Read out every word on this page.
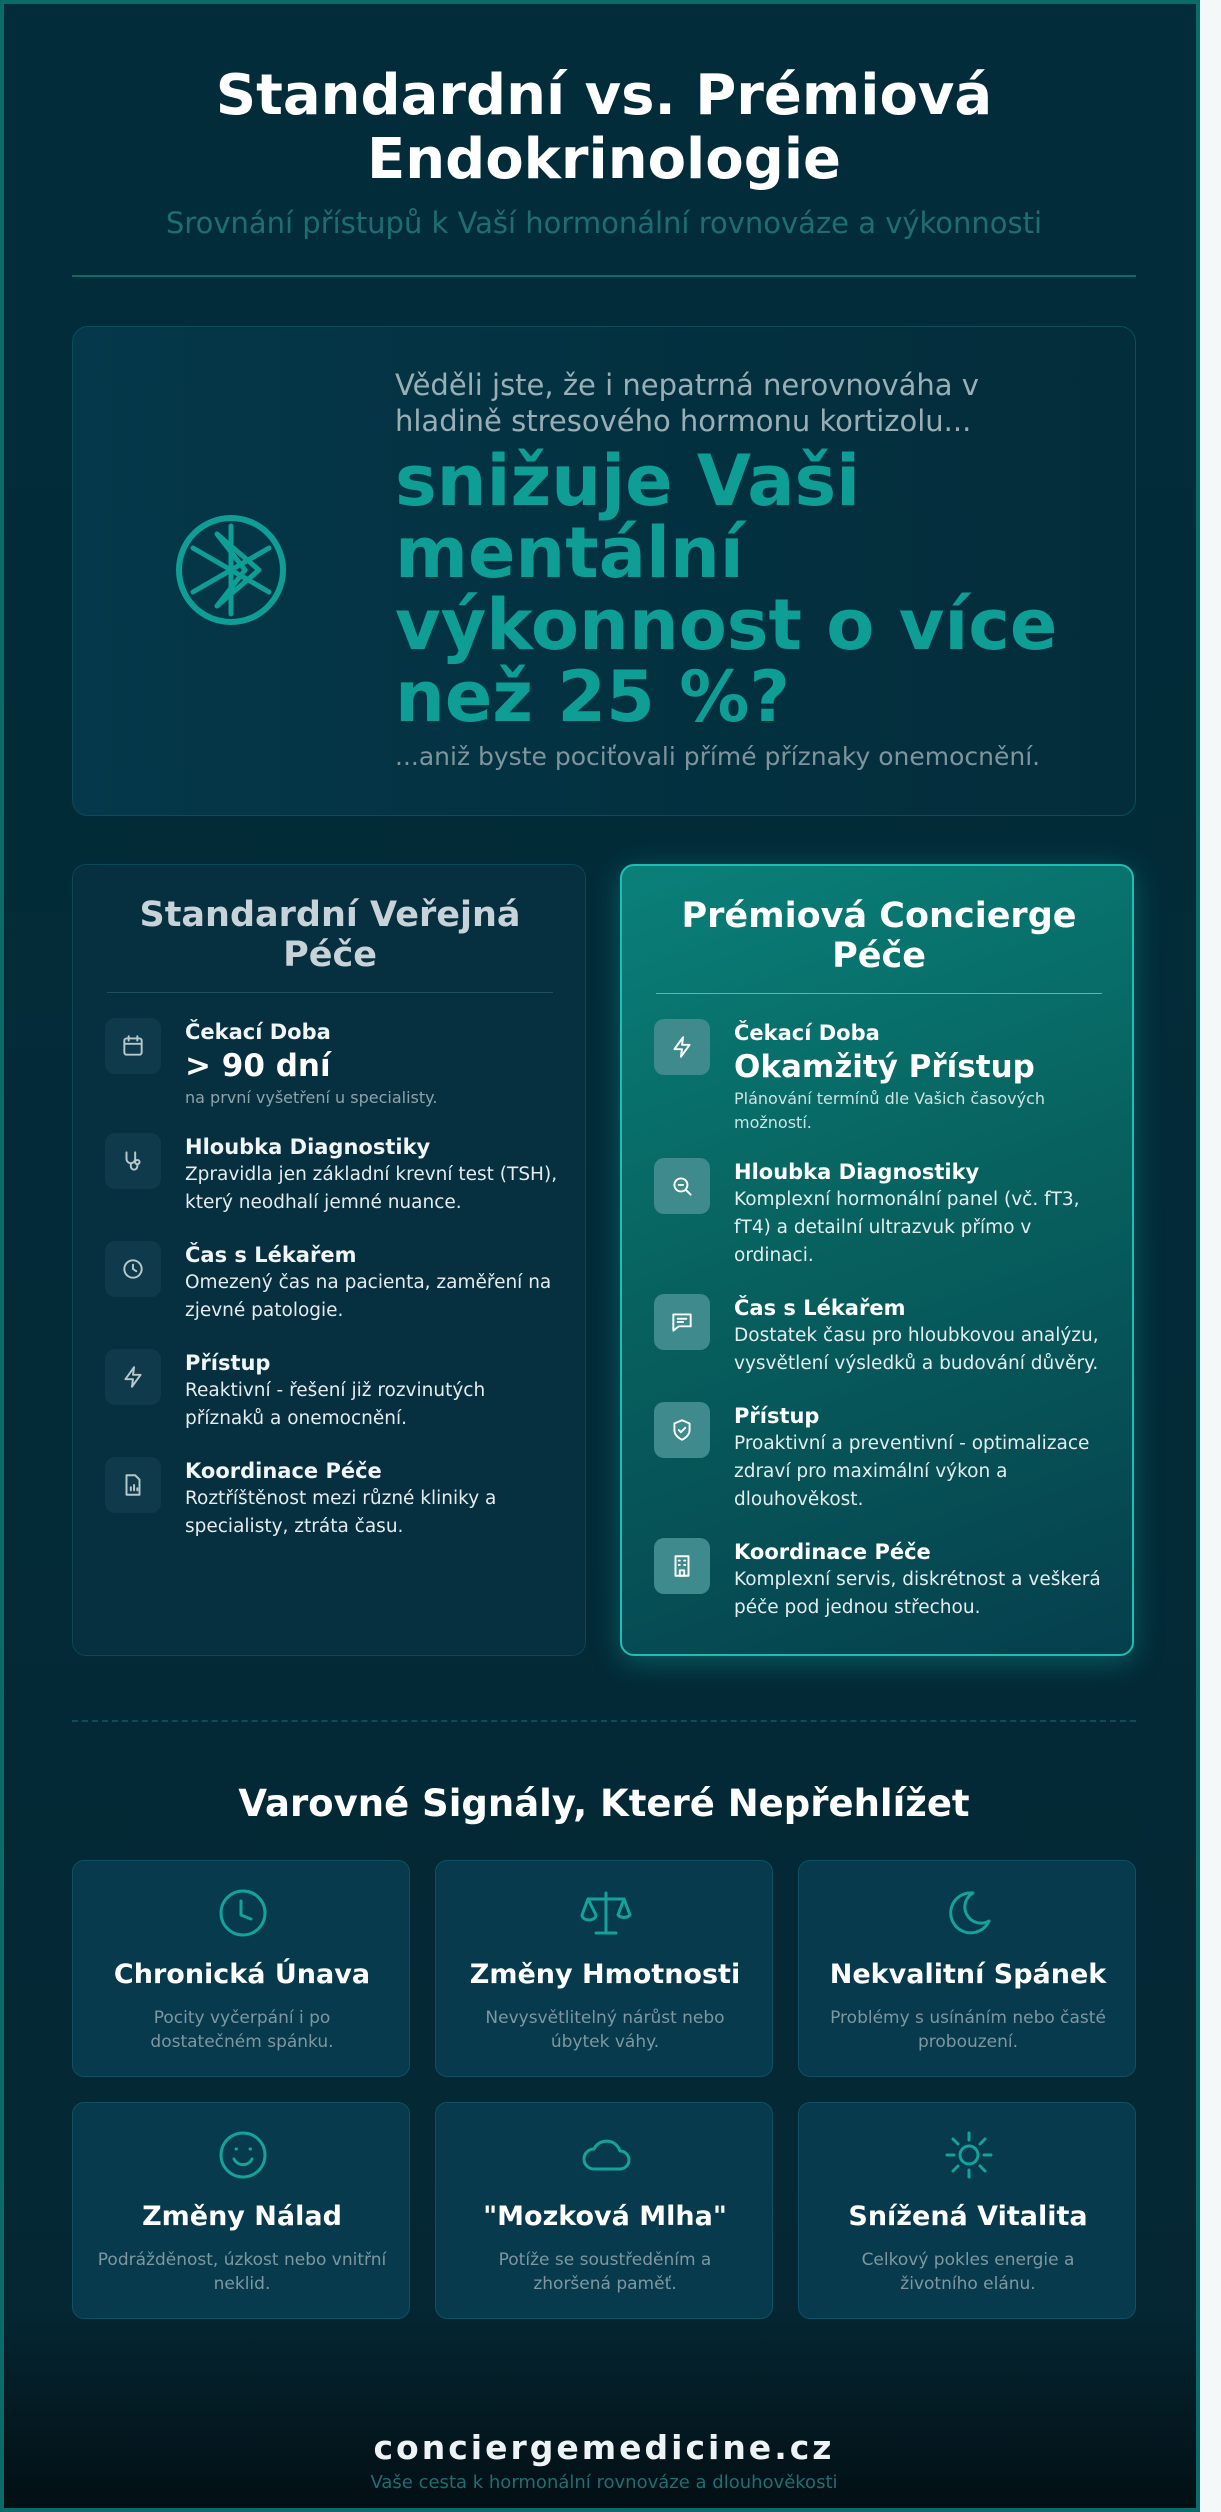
Standardní vs. Prémiová
Endokrinologie
Srovnání přístupů k Vaší hormonální rovnováze a výkonnosti
Věděli jste, že i nepatrná nerovnováha v hladině stresového hormonu kortizolu...
snižuje Vaši mentální výkonnost o více než 25 %?
...aniž byste pociťovali přímé příznaky onemocnění.
Standardní Veřejná Péče
Čekací Doba
> 90 dní
na první vyšetření u specialisty.
Hloubka Diagnostiky
Zpravidla jen základní krevní test (TSH), který neodhalí jemné nuance.
Čas s Lékařem
Omezený čas na pacienta, zaměření na zjevné patologie.
Přístup
Reaktivní - řešení již rozvinutých příznaků a onemocnění.
Koordinace Péče
Roztříštěnost mezi různé kliniky a specialisty, ztráta času.
Prémiová Concierge Péče
Čekací Doba
Okamžitý Přístup
Plánování termínů dle Vašich časových možností.
Hloubka Diagnostiky
Komplexní hormonální panel (vč. fT3, fT4) a detailní ultrazvuk přímo v ordinaci.
Čas s Lékařem
Dostatek času pro hloubkovou analýzu, vysvětlení výsledků a budování důvěry.
Přístup
Proaktivní a preventivní - optimalizace zdraví pro maximální výkon a dlouhověkost.
Koordinace Péče
Komplexní servis, diskrétnost a veškerá péče pod jednou střechou.
Varovné Signály, Které Nepřehlížet
Chronická Únava
Pocity vyčerpání i po dostatečném spánku.
Změny Hmotnosti
Nevysvětlitelný nárůst nebo úbytek váhy.
Nekvalitní Spánek
Problémy s usínáním nebo časté probouzení.
Změny Nálad
Podrážděnost, úzkost nebo vnitřní neklid.
"Mozková Mlha"
Potíže se soustředěním a zhoršená paměť.
Snížená Vitalita
Celkový pokles energie a životního elánu.
conciergemedicine.cz
Vaše cesta k hormonální rovnováze a dlouhověkosti
